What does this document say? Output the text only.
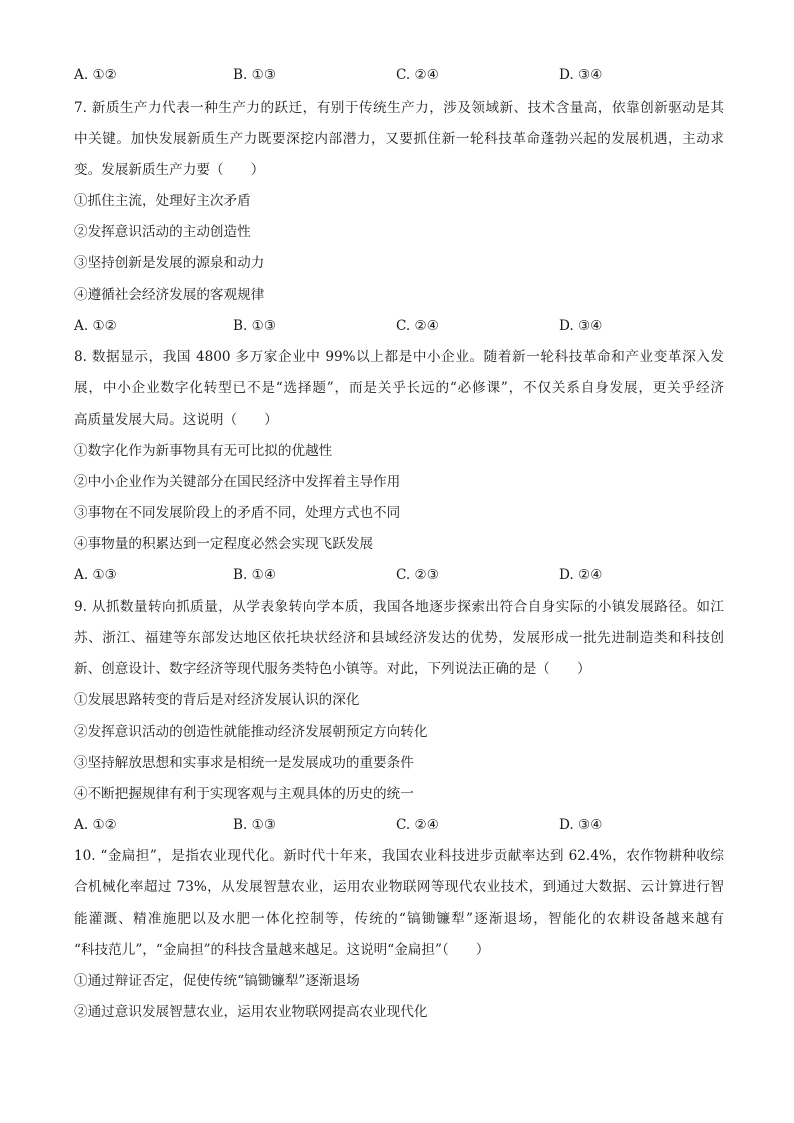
A. ①②	B. ①③	C. ②④	D. ③④
7. 新质生产力代表一种生产力的跃迁，有别于传统生产力，涉及领域新、技术含量高，依靠创新驱动是其
中关键。加快发展新质生产力既要深挖内部潜力，又要抓住新一轮科技革命蓬勃兴起的发展机遇，主动求
变。发展新质生产力要（　　）
①抓住主流，处理好主次矛盾
②发挥意识活动的主动创造性
③坚持创新是发展的源泉和动力
④遵循社会经济发展的客观规律
A. ①②	B. ①③	C. ②④	D. ③④
8. 数据显示，我国 4800 多万家企业中 99%以上都是中小企业。随着新一轮科技革命和产业变革深入发
展，中小企业数字化转型已不是“选择题”，而是关乎长远的“必修课”，不仅关系自身发展，更关乎经济
高质量发展大局。这说明（　　）
①数字化作为新事物具有无可比拟的优越性
②中小企业作为关键部分在国民经济中发挥着主导作用
③事物在不同发展阶段上的矛盾不同，处理方式也不同
④事物量的积累达到一定程度必然会实现飞跃发展
A. ①③	B. ①④	C. ②③	D. ②④
9. 从抓数量转向抓质量，从学表象转向学本质，我国各地逐步探索出符合自身实际的小镇发展路径。如江
苏、浙江、福建等东部发达地区依托块状经济和县域经济发达的优势，发展形成一批先进制造类和科技创
新、创意设计、数字经济等现代服务类特色小镇等。对此，下列说法正确的是（　　）
①发展思路转变的背后是对经济发展认识的深化
②发挥意识活动的创造性就能推动经济发展朝预定方向转化
③坚持解放思想和实事求是相统一是发展成功的重要条件
④不断把握规律有利于实现客观与主观具体的历史的统一
A. ①②	B. ①③	C. ②④	D. ③④
10. “金扁担”，是指农业现代化。新时代十年来，我国农业科技进步贡献率达到 62.4%，农作物耕种收综
合机械化率超过 73%，从发展智慧农业，运用农业物联网等现代农业技术，到通过大数据、云计算进行智
能灌溉、精准施肥以及水肥一体化控制等，传统的“镐锄镰犁”逐渐退场，智能化的农耕设备越来越有
“科技范儿”，“金扁担”的科技含量越来越足。这说明“金扁担”（　　）
①通过辩证否定，促使传统“镐锄镰犁”逐渐退场
②通过意识发展智慧农业，运用农业物联网提高农业现代化
